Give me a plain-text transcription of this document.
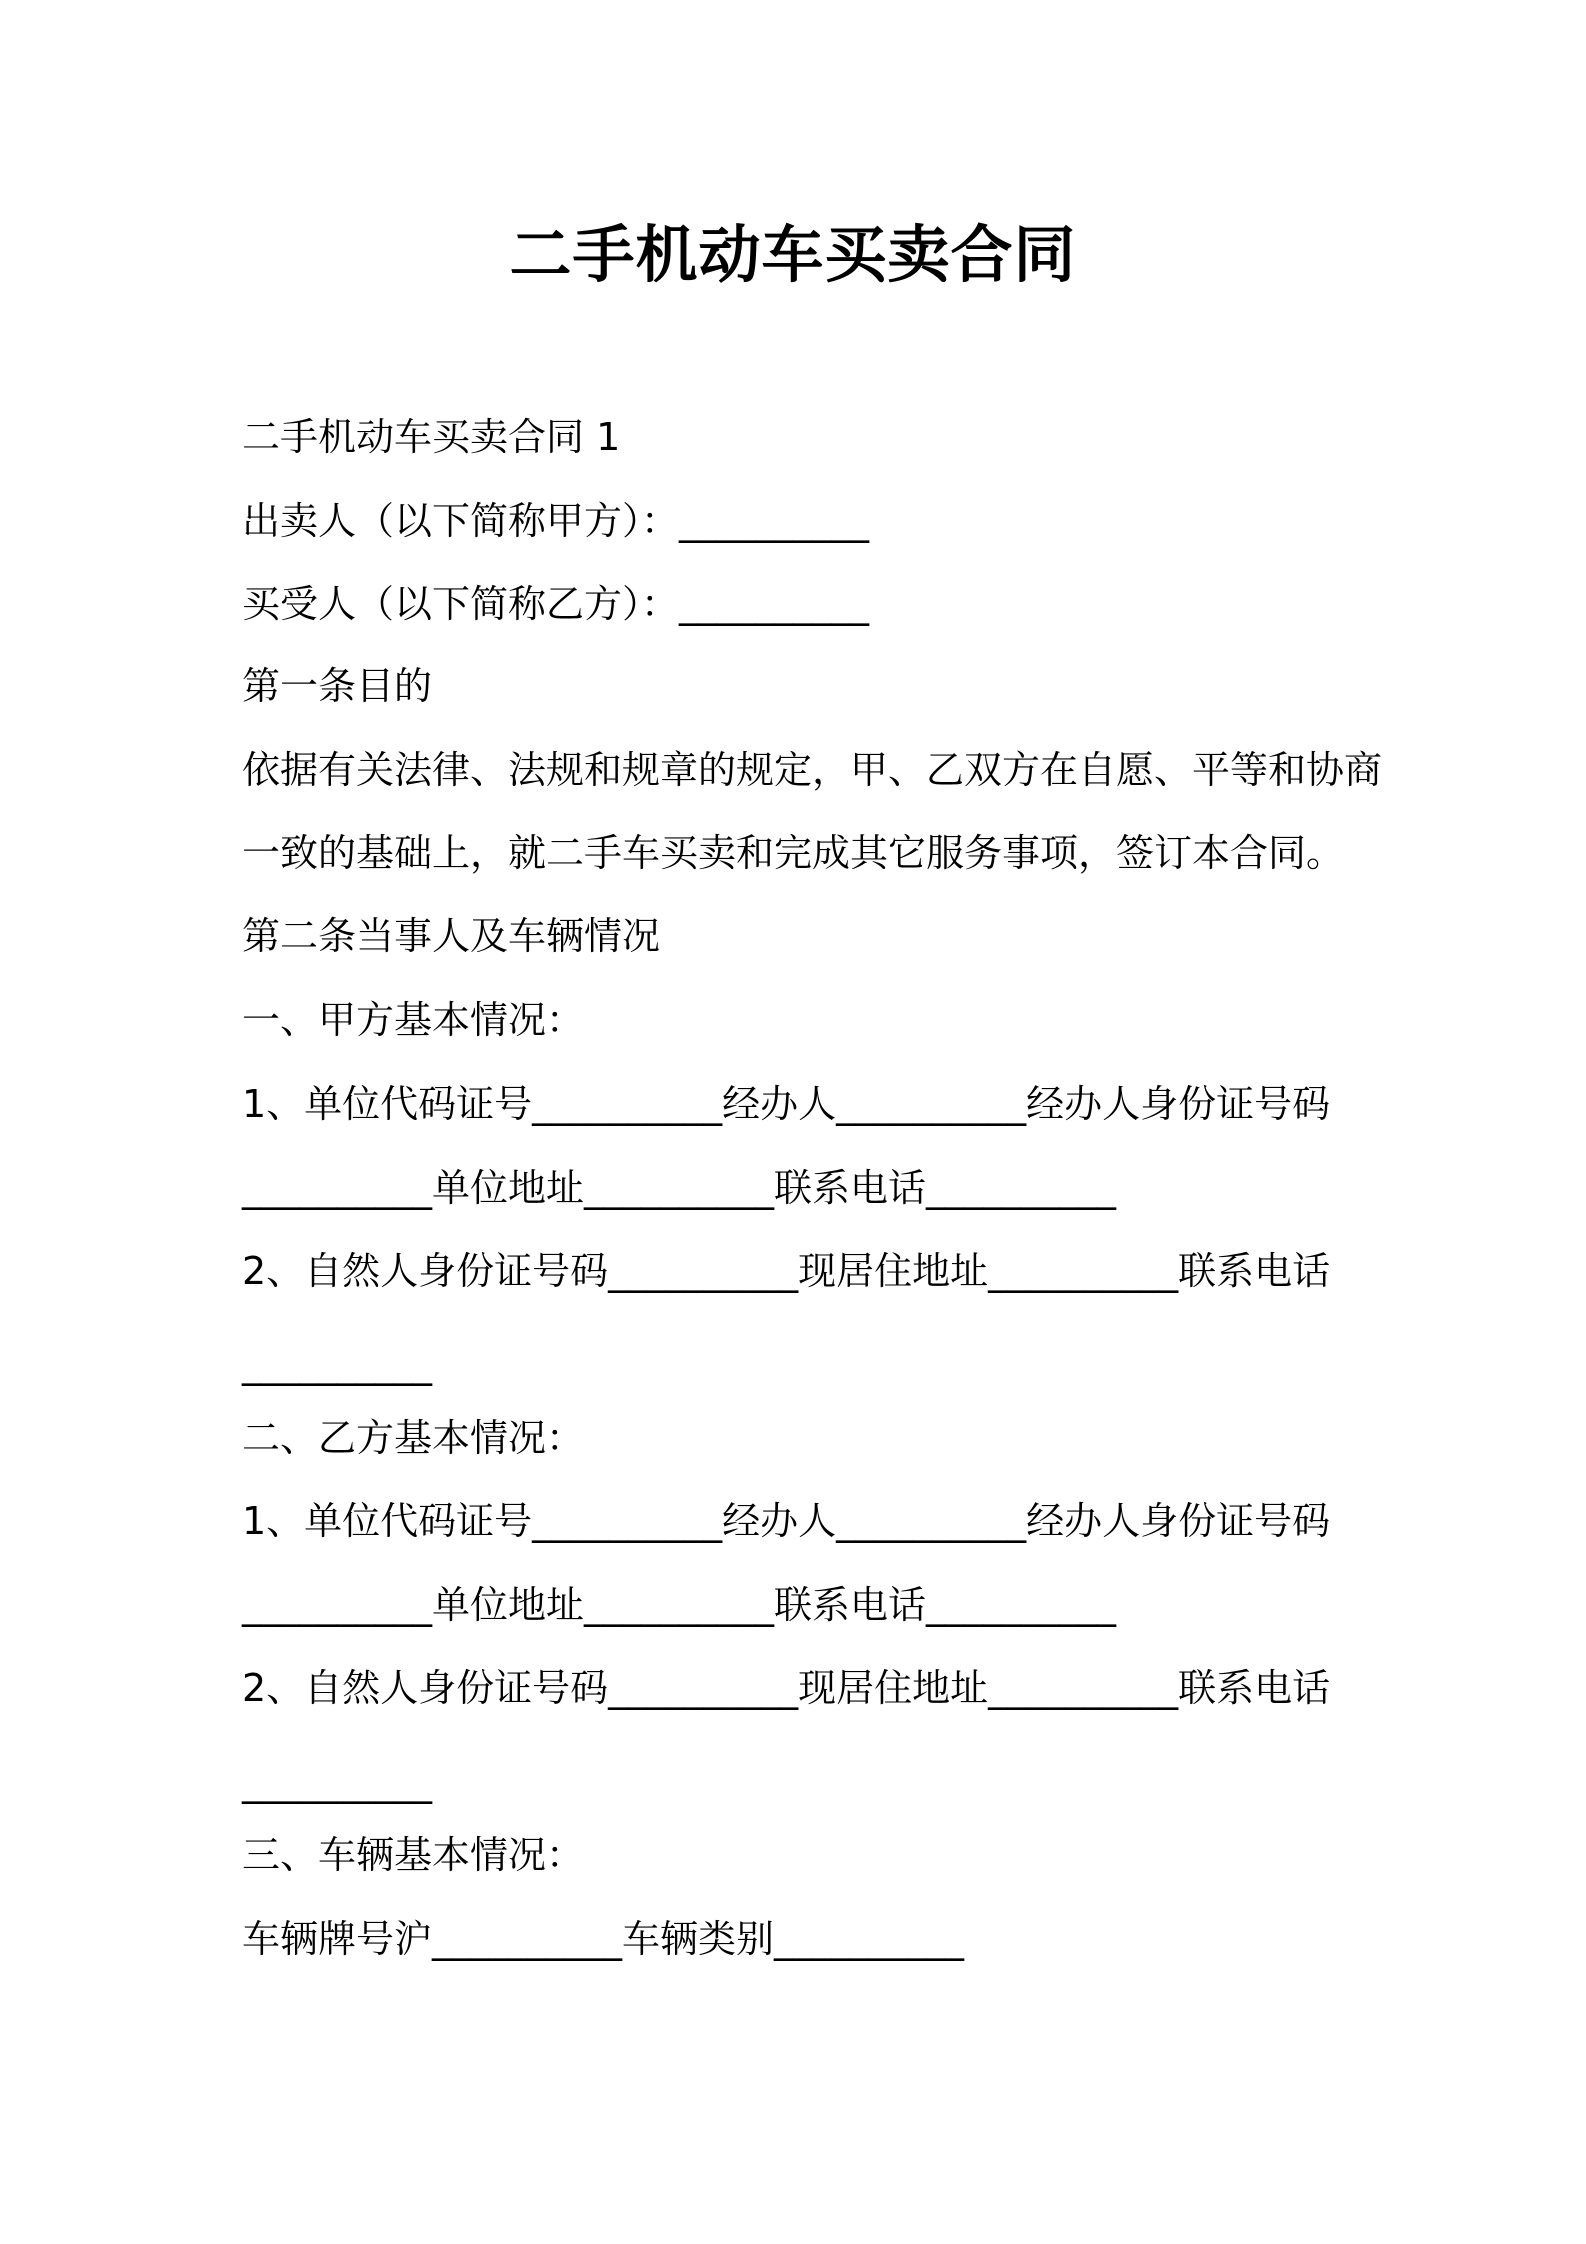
二手机动车买卖合同
二手机动车买卖合同 1
出卖人（以下简称甲方）：__________
买受人（以下简称乙方）：__________
第一条目的
依据有关法律、法规和规章的规定，甲、乙双方在自愿、平等和协商
一致的基础上，就二手车买卖和完成其它服务事项，签订本合同。
第二条当事人及车辆情况
一、甲方基本情况：
1、单位代码证号__________经办人__________经办人身份证号码
__________单位地址__________联系电话__________
2、自然人身份证号码__________现居住地址__________联系电话
__________
二、乙方基本情况：
1、单位代码证号__________经办人__________经办人身份证号码
__________单位地址__________联系电话__________
2、自然人身份证号码__________现居住地址__________联系电话
__________
三、车辆基本情况：
车辆牌号沪__________车辆类别__________
